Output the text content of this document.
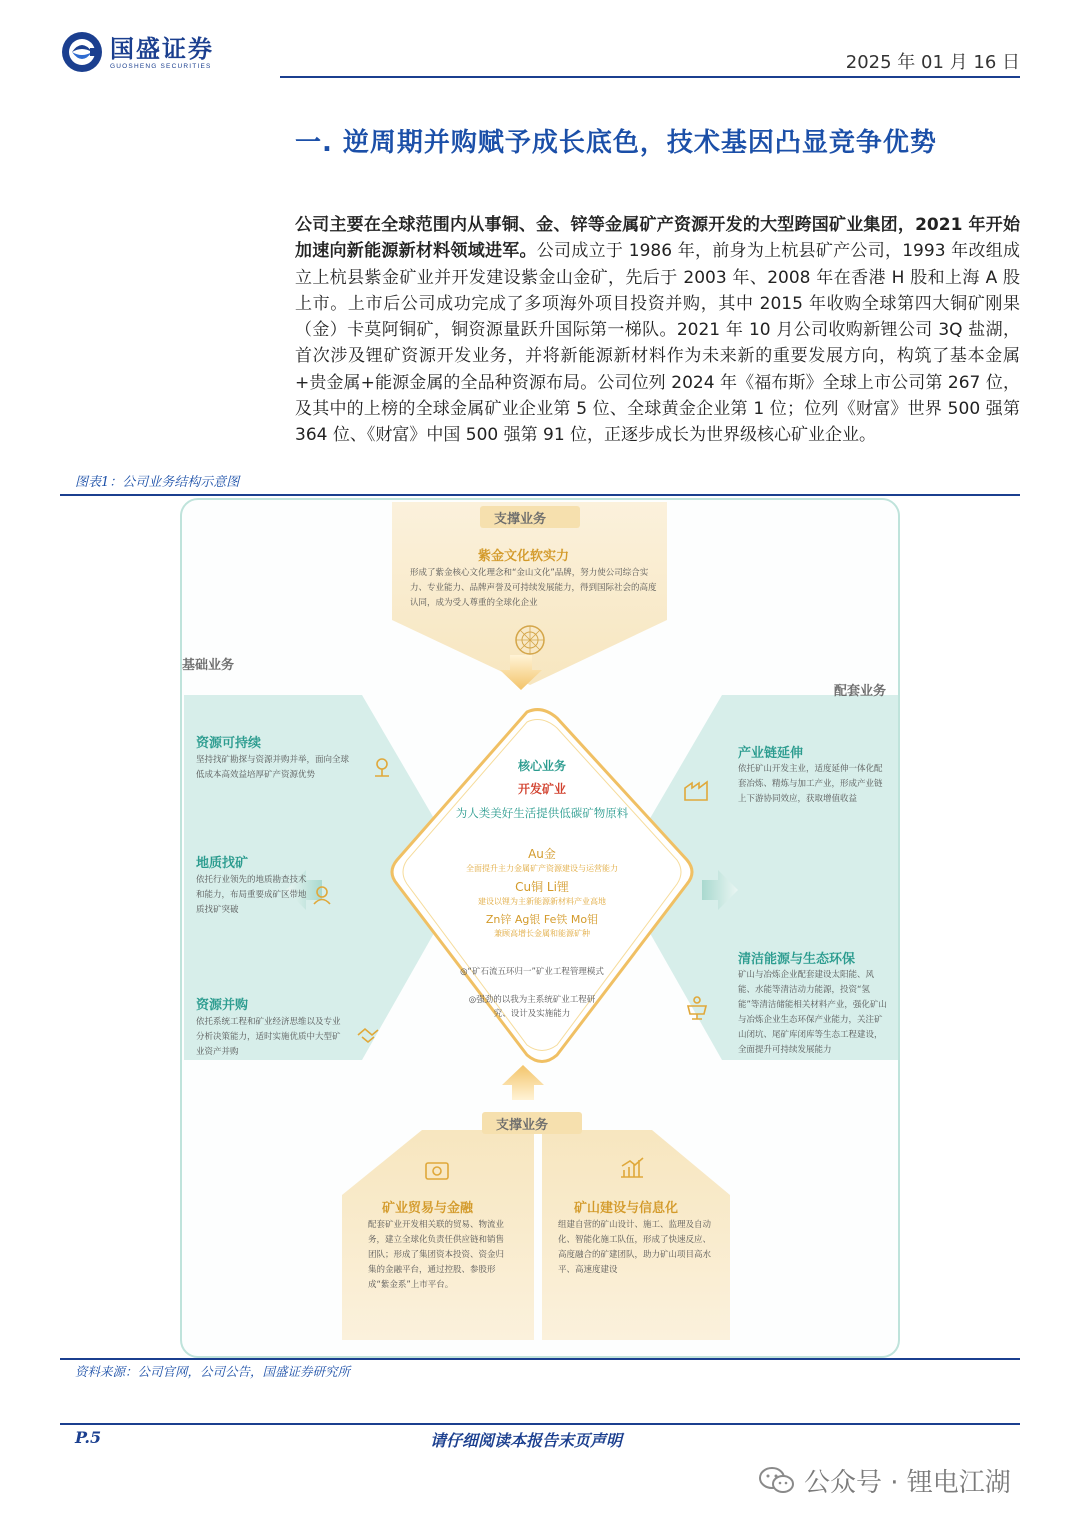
国盛证券
GUOSHENG SECURITIES	2025 年 01 月 16 日
一. 逆周期并购赋予成长底色，技术基因凸显竞争优势
公司主要在全球范围内从事铜、金、锌等金属矿产资源开发的大型跨国矿业集团，2021 年开始加速向新能源新材料领域进军。公司成立于 1986 年，前身为上杭县矿产公司，1993 年改组成立上杭县紫金矿业并开发建设紫金山金矿，先后于 2003 年、2008 年在香港 H 股和上海 A 股上市。上市后公司成功完成了多项海外项目投资并购，其中 2015 年收购全球第四大铜矿刚果（金）卡莫阿铜矿，铜资源量跃升国际第一梯队。2021 年 10 月公司收购新锂公司 3Q 盐湖，首次涉及锂矿资源开发业务，并将新能源新材料作为未来新的重要发展方向，构筑了基本金属+贵金属+能源金属的全品种资源布局。公司位列 2024 年《福布斯》全球上市公司第 267 位，及其中的上榜的全球金属矿业企业第 5 位、全球黄金企业第 1 位；位列《财富》世界 500 强第 364 位、《财富》中国 500 强第 91 位，正逐步成长为世界级核心矿业企业。
图表1：公司业务结构示意图
支撑业务
紫金文化软实力
形成了紫金核心文化理念和“金山文化”品牌，努力使公司综合实力、专业能力、品牌声誉及可持续发展能力，得到国际社会的高度认同，成为受人尊重的全球化企业
基础业务
配套业务
资源可持续
坚持找矿勘探与资源并购并举，面向全球低成本高效益培厚矿产资源优势
地质找矿
依托行业领先的地质勘查技术和能力，布局重要成矿区带地质找矿突破
资源并购
依托系统工程和矿业经济思维以及专业分析决策能力，适时实施优质中大型矿业资产并购
产业链延伸
依托矿山开发主业，适度延伸一体化配套冶炼、精炼与加工产业，形成产业链上下游协同效应，获取增值收益
清洁能源与生态环保
矿山与冶炼企业配套建设太阳能、风能、水能等清洁动力能源，投资“氢能”等清洁储能相关材料产业，强化矿山与冶炼企业生态环保产业能力，关注矿山闭坑、尾矿库闭库等生态工程建设，全面提升可持续发展能力
核心业务
开发矿业
为人类美好生活提供低碳矿物原料
Au金
全面提升主力金属矿产资源建设与运营能力
Cu铜 Li锂
建设以锂为主新能源新材料产业高地
Zn锌 Ag银 Fe铁 Mo钼
兼顾高增长金属和能源矿种
◎“矿石流五环归一”矿业工程管理模式
◎强劲的以我为主系统矿业工程研究、设计及实施能力
支撑业务
矿业贸易与金融
配套矿业开发相关联的贸易、物流业务，建立全球化负责任供应链和销售团队；形成了集团资本投资、资金归集的金融平台，通过控股、参股形成“紫金系”上市平台。
矿山建设与信息化
组建自营的矿山设计、施工、监理及自动化、智能化施工队伍，形成了快速反应、高度融合的矿建团队，助力矿山项目高水平、高速度建设
资料来源：公司官网，公司公告，国盛证券研究所
P.5	请仔细阅读本报告末页声明
公众号 · 锂电江湖
